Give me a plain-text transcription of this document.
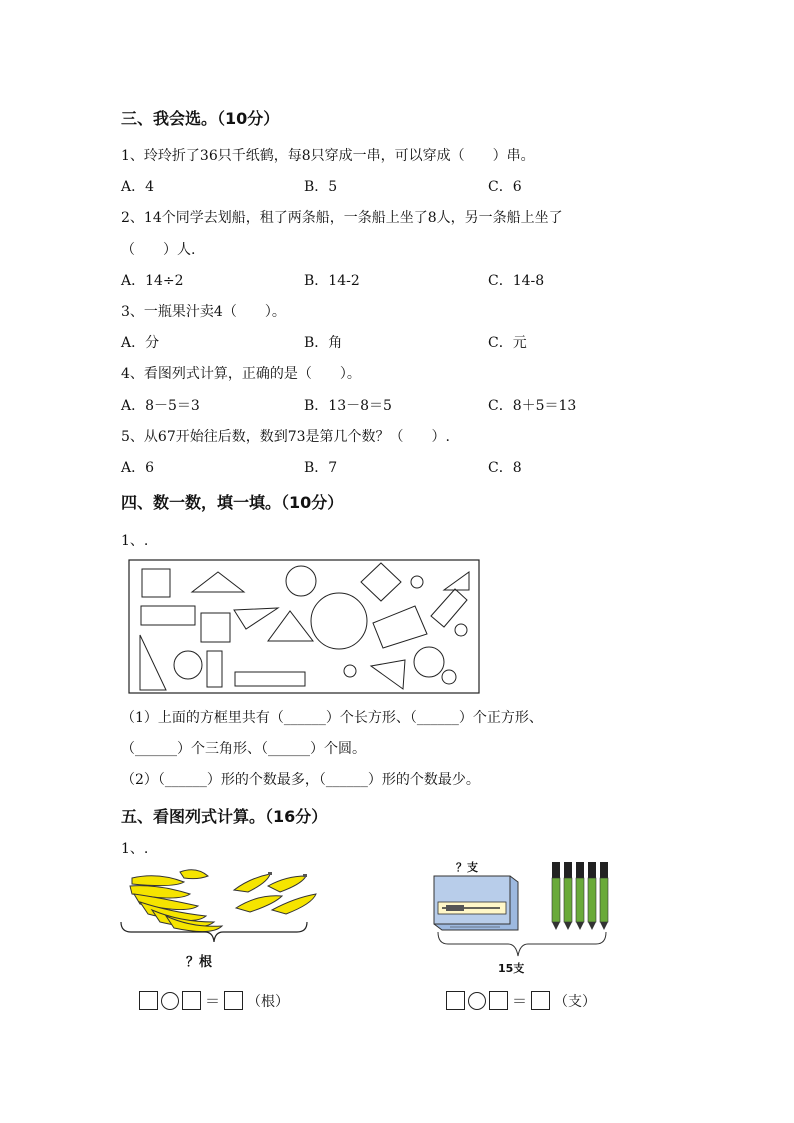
三、我会选。（10分）
1、玲玲折了36只千纸鹤，每8只穿成一串，可以穿成（　　）串。
A．4	B．5	C．6
2、14个同学去划船，租了两条船，一条船上坐了8人，另一条船上坐了
（　　）人.
A．14÷2	B．14-2	C．14-8
3、一瓶果汁卖4（　　）。
A．分	B．角	C．元
4、看图列式计算，正确的是（　　）。
A．8－5＝3	B．13－8＝5	C．8＋5＝13
5、从67开始往后数，数到73是第几个数？（　　）.
A．6	B．7	C．8
四、数一数，填一填。（10分）
1、.
（1）上面的方框里共有（______）个长方形、（______）个正方形、
（______）个三角形、（______）个圆。
（2）（______）形的个数最多，（______）形的个数最少。
五、看图列式计算。（16分）
1、.
？根
＝ （根）
？支
15支
＝ （支）
